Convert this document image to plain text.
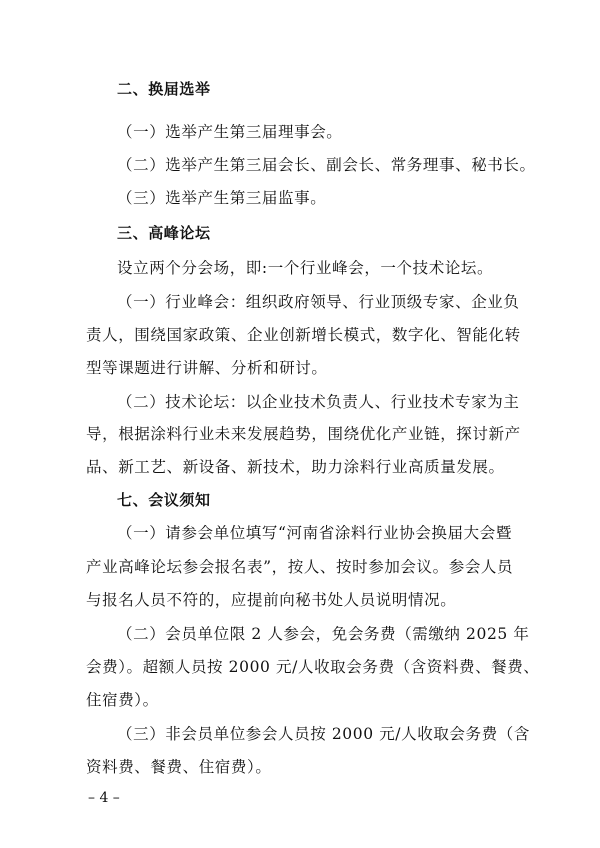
二、换届选举
（一）选举产生第三届理事会。
（二）选举产生第三届会长、副会长、常务理事、秘书长。
（三）选举产生第三届监事。
三、高峰论坛
设立两个分会场，即:一个行业峰会，一个技术论坛。
（一）行业峰会：组织政府领导、行业顶级专家、企业负
责人，围绕国家政策、企业创新增长模式，数字化、智能化转
型等课题进行讲解、分析和研讨。
（二）技术论坛：以企业技术负责人、行业技术专家为主
导，根据涂料行业未来发展趋势，围绕优化产业链，探讨新产
品、新工艺、新设备、新技术，助力涂料行业高质量发展。
七、会议须知
（一）请参会单位填写“河南省涂料行业协会换届大会暨
产业高峰论坛参会报名表”，按人、按时参加会议。参会人员
与报名人员不符的，应提前向秘书处人员说明情况。
（二）会员单位限 2 人参会，免会务费（需缴纳 2025 年
会费）。超额人员按 2000 元/人收取会务费（含资料费、餐费、
住宿费）。
（三）非会员单位参会人员按 2000 元/人收取会务费（含
资料费、餐费、住宿费）。
– 4 –
